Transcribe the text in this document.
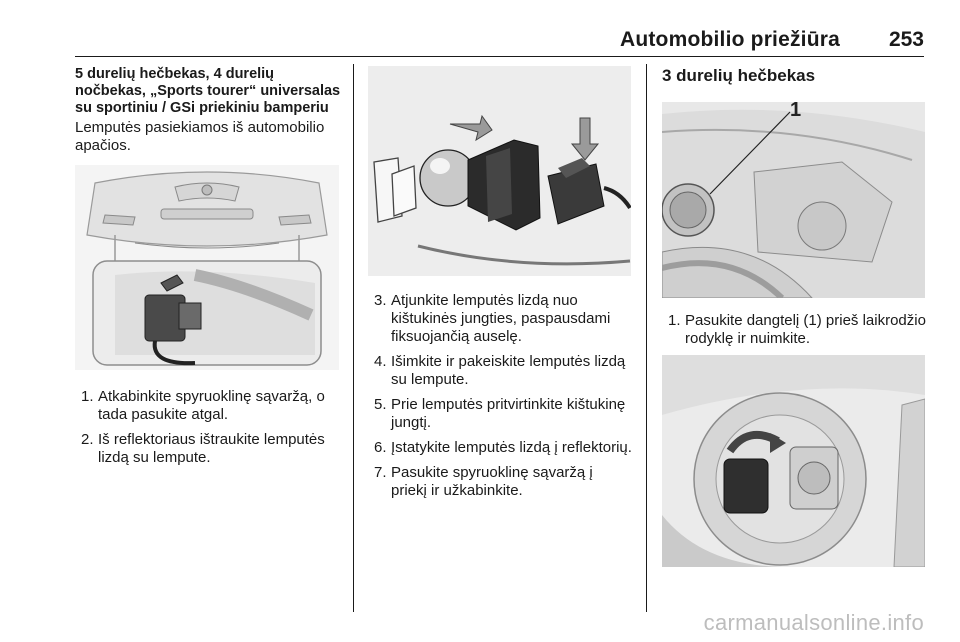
Automobilio priežiūra 253

5 durelių hečbekas, 4 durelių nočbekas, „Sports tourer“ universalas su sportiniu / GSi priekiniu bamperiu

Lemputės pasiekiamos iš automobilio apačios.

1. Atkabinkite spyruoklinę sąvaržą, o tada pasukite atgal.
2. Iš reflektoriaus ištraukite lemputės lizdą su lempute.
3. Atjunkite lemputės lizdą nuo kištukinės jungties, paspausdami fiksuojančią auselę.
4. Išimkite ir pakeiskite lemputės lizdą su lempute.
5. Prie lemputės pritvirtinkite kištukinę jungtį.
6. Įstatykite lemputės lizdą į reflektorių.
7. Pasukite spyruoklinę sąvaržą į priekį ir užkabinkite.

3 durelių hečbekas

1
1. Pasukite dangtelį (1) prieš laikrodžio rodyklę ir nuimkite.
carmanualsonline.info
